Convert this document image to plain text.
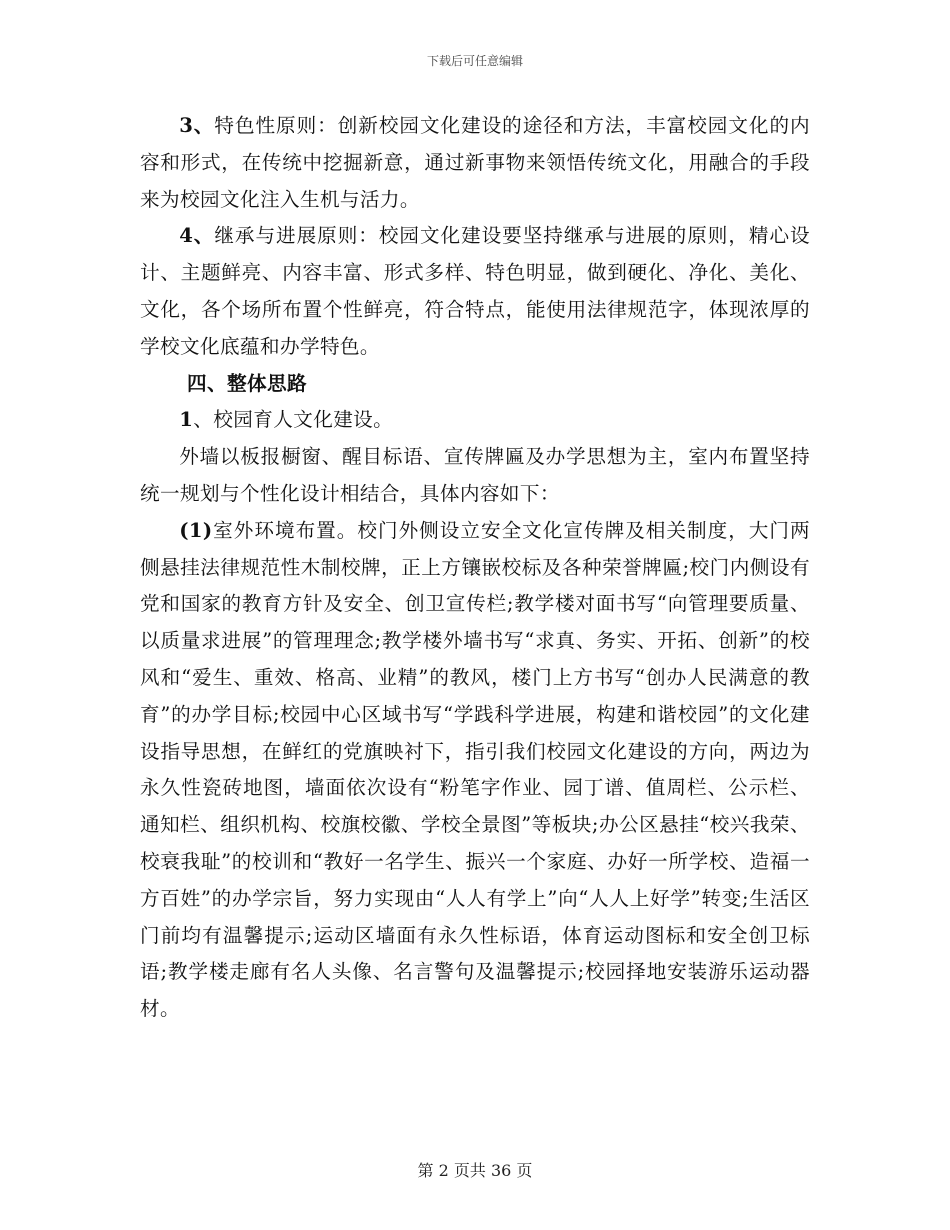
下载后可任意编辑

3、特色性原则：创新校园文化建设的途径和方法，丰富校园文化的内容和形式，在传统中挖掘新意，通过新事物来领悟传统文化，用融合的手段来为校园文化注入生机与活力。

4、继承与进展原则：校园文化建设要坚持继承与进展的原则，精心设计、主题鲜亮、内容丰富、形式多样、特色明显，做到硬化、净化、美化、文化，各个场所布置个性鲜亮，符合特点，能使用法律规范字，体现浓厚的学校文化底蕴和办学特色。

四、整体思路

1、校园育人文化建设。

外墙以板报橱窗、醒目标语、宣传牌匾及办学思想为主，室内布置坚持统一规划与个性化设计相结合，具体内容如下：

(1)室外环境布置。校门外侧设立安全文化宣传牌及相关制度，大门两侧悬挂法律规范性木制校牌，正上方镶嵌校标及各种荣誉牌匾;校门内侧设有党和国家的教育方针及安全、创卫宣传栏;教学楼对面书写“向管理要质量、以质量求进展”的管理理念;教学楼外墙书写“求真、务实、开拓、创新”的校风和“爱生、重效、格高、业精”的教风，楼门上方书写“创办人民满意的教育”的办学目标;校园中心区域书写“学践科学进展，构建和谐校园”的文化建设指导思想，在鲜红的党旗映衬下，指引我们校园文化建设的方向，两边为永久性瓷砖地图，墙面依次设有“粉笔字作业、园丁谱、值周栏、公示栏、通知栏、组织机构、校旗校徽、学校全景图”等板块;办公区悬挂“校兴我荣、校衰我耻”的校训和“教好一名学生、振兴一个家庭、办好一所学校、造福一方百姓”的办学宗旨，努力实现由“人人有学上”向“人人上好学”转变;生活区门前均有温馨提示;运动区墙面有永久性标语，体育运动图标和安全创卫标语;教学楼走廊有名人头像、名言警句及温馨提示;校园择地安装游乐运动器材。

第 2 页共 36 页
